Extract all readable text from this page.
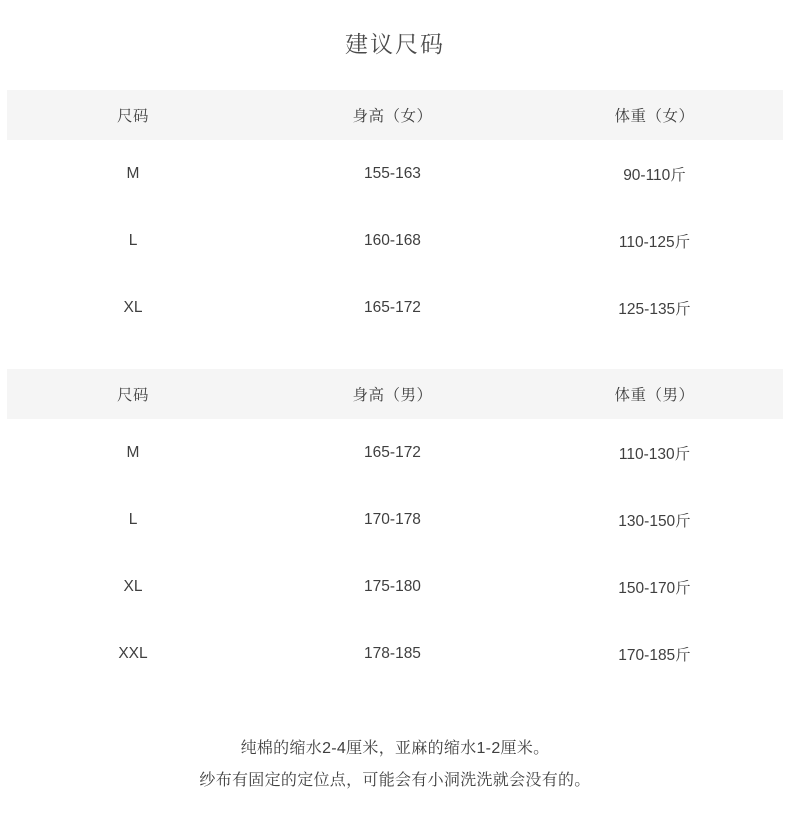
建议尺码
尺码	身高（女）	体重（女）
M	155-163	90-110斤
L	160-168	110-125斤
XL	165-172	125-135斤
尺码	身高（男）	体重（男）
M	165-172	110-130斤
L	170-178	130-150斤
XL	175-180	150-170斤
XXL	178-185	170-185斤
纯棉的缩水2-4厘米，亚麻的缩水1-2厘米。
纱布有固定的定位点，可能会有小洞洗洗就会没有的。
